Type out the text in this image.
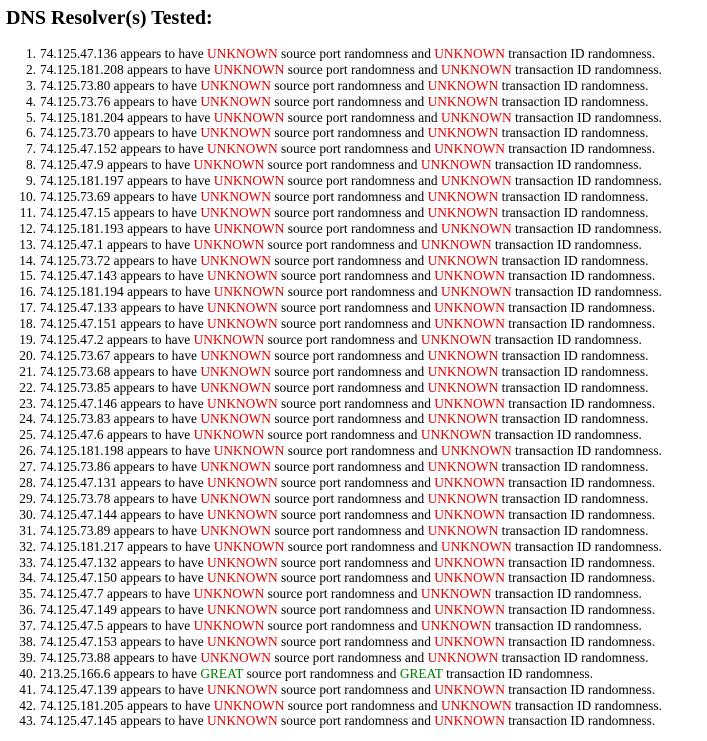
DNS Resolver(s) Tested:
1. 74.125.47.136 appears to have UNKNOWN source port randomness and UNKNOWN transaction ID randomness.
2. 74.125.181.208 appears to have UNKNOWN source port randomness and UNKNOWN transaction ID randomness.
3. 74.125.73.80 appears to have UNKNOWN source port randomness and UNKNOWN transaction ID randomness.
4. 74.125.73.76 appears to have UNKNOWN source port randomness and UNKNOWN transaction ID randomness.
5. 74.125.181.204 appears to have UNKNOWN source port randomness and UNKNOWN transaction ID randomness.
6. 74.125.73.70 appears to have UNKNOWN source port randomness and UNKNOWN transaction ID randomness.
7. 74.125.47.152 appears to have UNKNOWN source port randomness and UNKNOWN transaction ID randomness.
8. 74.125.47.9 appears to have UNKNOWN source port randomness and UNKNOWN transaction ID randomness.
9. 74.125.181.197 appears to have UNKNOWN source port randomness and UNKNOWN transaction ID randomness.
10. 74.125.73.69 appears to have UNKNOWN source port randomness and UNKNOWN transaction ID randomness.
11. 74.125.47.15 appears to have UNKNOWN source port randomness and UNKNOWN transaction ID randomness.
12. 74.125.181.193 appears to have UNKNOWN source port randomness and UNKNOWN transaction ID randomness.
13. 74.125.47.1 appears to have UNKNOWN source port randomness and UNKNOWN transaction ID randomness.
14. 74.125.73.72 appears to have UNKNOWN source port randomness and UNKNOWN transaction ID randomness.
15. 74.125.47.143 appears to have UNKNOWN source port randomness and UNKNOWN transaction ID randomness.
16. 74.125.181.194 appears to have UNKNOWN source port randomness and UNKNOWN transaction ID randomness.
17. 74.125.47.133 appears to have UNKNOWN source port randomness and UNKNOWN transaction ID randomness.
18. 74.125.47.151 appears to have UNKNOWN source port randomness and UNKNOWN transaction ID randomness.
19. 74.125.47.2 appears to have UNKNOWN source port randomness and UNKNOWN transaction ID randomness.
20. 74.125.73.67 appears to have UNKNOWN source port randomness and UNKNOWN transaction ID randomness.
21. 74.125.73.68 appears to have UNKNOWN source port randomness and UNKNOWN transaction ID randomness.
22. 74.125.73.85 appears to have UNKNOWN source port randomness and UNKNOWN transaction ID randomness.
23. 74.125.47.146 appears to have UNKNOWN source port randomness and UNKNOWN transaction ID randomness.
24. 74.125.73.83 appears to have UNKNOWN source port randomness and UNKNOWN transaction ID randomness.
25. 74.125.47.6 appears to have UNKNOWN source port randomness and UNKNOWN transaction ID randomness.
26. 74.125.181.198 appears to have UNKNOWN source port randomness and UNKNOWN transaction ID randomness.
27. 74.125.73.86 appears to have UNKNOWN source port randomness and UNKNOWN transaction ID randomness.
28. 74.125.47.131 appears to have UNKNOWN source port randomness and UNKNOWN transaction ID randomness.
29. 74.125.73.78 appears to have UNKNOWN source port randomness and UNKNOWN transaction ID randomness.
30. 74.125.47.144 appears to have UNKNOWN source port randomness and UNKNOWN transaction ID randomness.
31. 74.125.73.89 appears to have UNKNOWN source port randomness and UNKNOWN transaction ID randomness.
32. 74.125.181.217 appears to have UNKNOWN source port randomness and UNKNOWN transaction ID randomness.
33. 74.125.47.132 appears to have UNKNOWN source port randomness and UNKNOWN transaction ID randomness.
34. 74.125.47.150 appears to have UNKNOWN source port randomness and UNKNOWN transaction ID randomness.
35. 74.125.47.7 appears to have UNKNOWN source port randomness and UNKNOWN transaction ID randomness.
36. 74.125.47.149 appears to have UNKNOWN source port randomness and UNKNOWN transaction ID randomness.
37. 74.125.47.5 appears to have UNKNOWN source port randomness and UNKNOWN transaction ID randomness.
38. 74.125.47.153 appears to have UNKNOWN source port randomness and UNKNOWN transaction ID randomness.
39. 74.125.73.88 appears to have UNKNOWN source port randomness and UNKNOWN transaction ID randomness.
40. 213.25.166.6 appears to have GREAT source port randomness and GREAT transaction ID randomness.
41. 74.125.47.139 appears to have UNKNOWN source port randomness and UNKNOWN transaction ID randomness.
42. 74.125.181.205 appears to have UNKNOWN source port randomness and UNKNOWN transaction ID randomness.
43. 74.125.47.145 appears to have UNKNOWN source port randomness and UNKNOWN transaction ID randomness.
